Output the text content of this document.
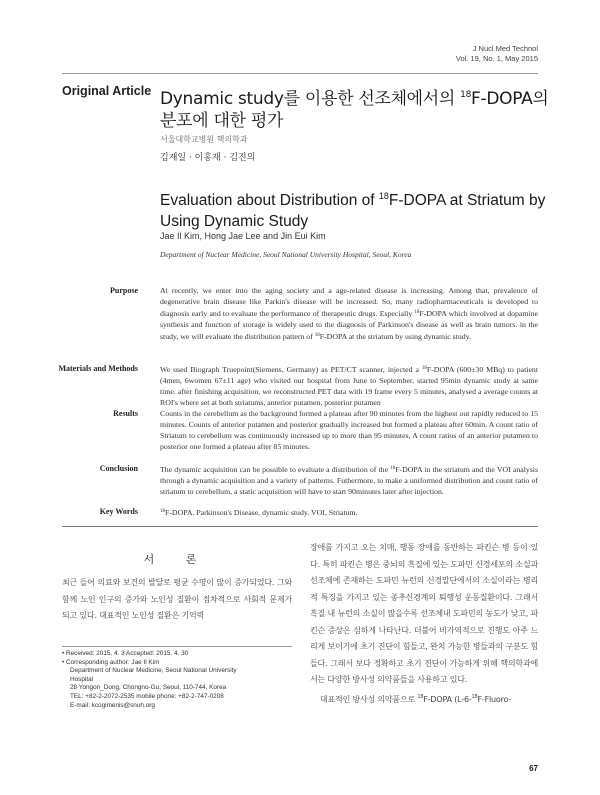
J Nucl Med Technol
Vol. 19, No. 1, May 2015
Original Article Dynamic study를 이용한 선조체에서의 $^{18}$F-DOPA의
분포에 대한 평가
서울대학교병원 핵의학과
김재일 · 이홍재 · 김진의
Evaluation about Distribution of $^{18}$F-DOPA at Striatum by
Using Dynamic Study
Jae Il Kim, Hong Jae Lee and Jin Eui Kim
Department of Nuclear Medicine, Seoul National University Hospital, Seoul, Korea
Purpose	At recently, we enter into the aging society and a age-related disease is increasing. Among that, prevalence of degenerative brain disease like Parkin's disease will be increased. So, many radiopharmaceuticals is developed to diagnosis early and to evaluate the performance of therapeutic drugs. Especially $^{18}$F-DOPA which involved at dopamine synthesis and function of storage is widely used to the diagnosis of Parkinson's disease as well as brain tumors. in the study, we will evaluate the distribution pattern of $^{18}$F-DOPA at the striatum by using dynamic study.
Materials and Methods	We used Biograph Truepoint(Siemens, Germany) as PET/CT scanner, injected a $^{18}$F-DOPA (600±30 MBq) to patient (4men, 6women 67±11 age) who visited our hospital from June to September, started 95min dynamic study at same time. after finishing acquisition, we reconstructed PET data with 19 frame every 5 minutes, analysed a average counts at ROI's where set at both striatums, anterior putamen, posterior putamen
Results	Counts in the cerebellum as the background formed a plateau after 90 minutes from the highest out rapidly reduced to 15 minutes. Counts of anterior putamen and posterior gradually increased but formed a plateau after 60min. A count ratio of Striatum to cerebellum was continuously increased up to more than 95 minutes, A count ratios of an anterior putamen to posterior one formed a plateau after 85 minutes.
Conclusion	The dynamic acquisition can be possible to evaluate a distribution of the $^{18}$F-DOPA in the striatum and the VOI analysis through a dynamic acquisition and a variety of patterns. Futhermore, to make a uniformed distribution and count ratio of striatum to cerebellum, a static acquisition will have to start 90minutes later after injection.
Key Words	$^{18}$F-DOPA. Parkinson's Disease, dynamic study. VOI, Striatum.
서 론
최근 들어 의료와 보건의 발달로 평균 수명이 많이 증가되었다. 그와 함께 노인 인구의 증가와 노인성 질환이 점차적으로 사회적 문제가 되고 있다. 대표적인 노인성 질환은 기억력
장애를 가지고 오는 치매, 행동 장애를 동반하는 파킨슨 병 등이 있다. 특히 파킨슨 병은 중뇌의 흑질에 있는 도파민 신경세포의 소실과 선조체에 존재하는 도파민 뉴런의 신경말단에서의 소실이라는 병리적 특징을 가지고 있는 종추신경계의 퇴행성 운동질환이다. 그래서 흑질 내 뉴런의 소실이 많을수록 선조체내 도파민의 농도가 낮고, 파킨슨 증상은 심하게 나타난다. 더불어 비가역적으로 진행도 아주 느리게 보이기에 초기 진단이 힘들고, 완치 가능한 병들과의 구분도 힘들다. 그래서 보다 정확하고 초기 진단이 가능하게 위해 핵의학과에서는 다양한 방사성 의약품들을 사용하고 있다.
대표적인 방사성 의약품으로 $^{18}$F-DOPA (L-6-$^{18}$F-Fluoro-
• Received: 2015. 4. 3 Accepted: 2015. 4. 30
• Corresponding author: Jae Il Kim
Department of Nuclear Medicine, Seoul National University
Hospital
28 Yongon_Dong, Chongno-Gu, Seoul, 110-744, Korea
TEL: +82-2-2072-2535 mobile phone: +82-2-747-0208
E-mail: kcogimenis@snuh.org
67
